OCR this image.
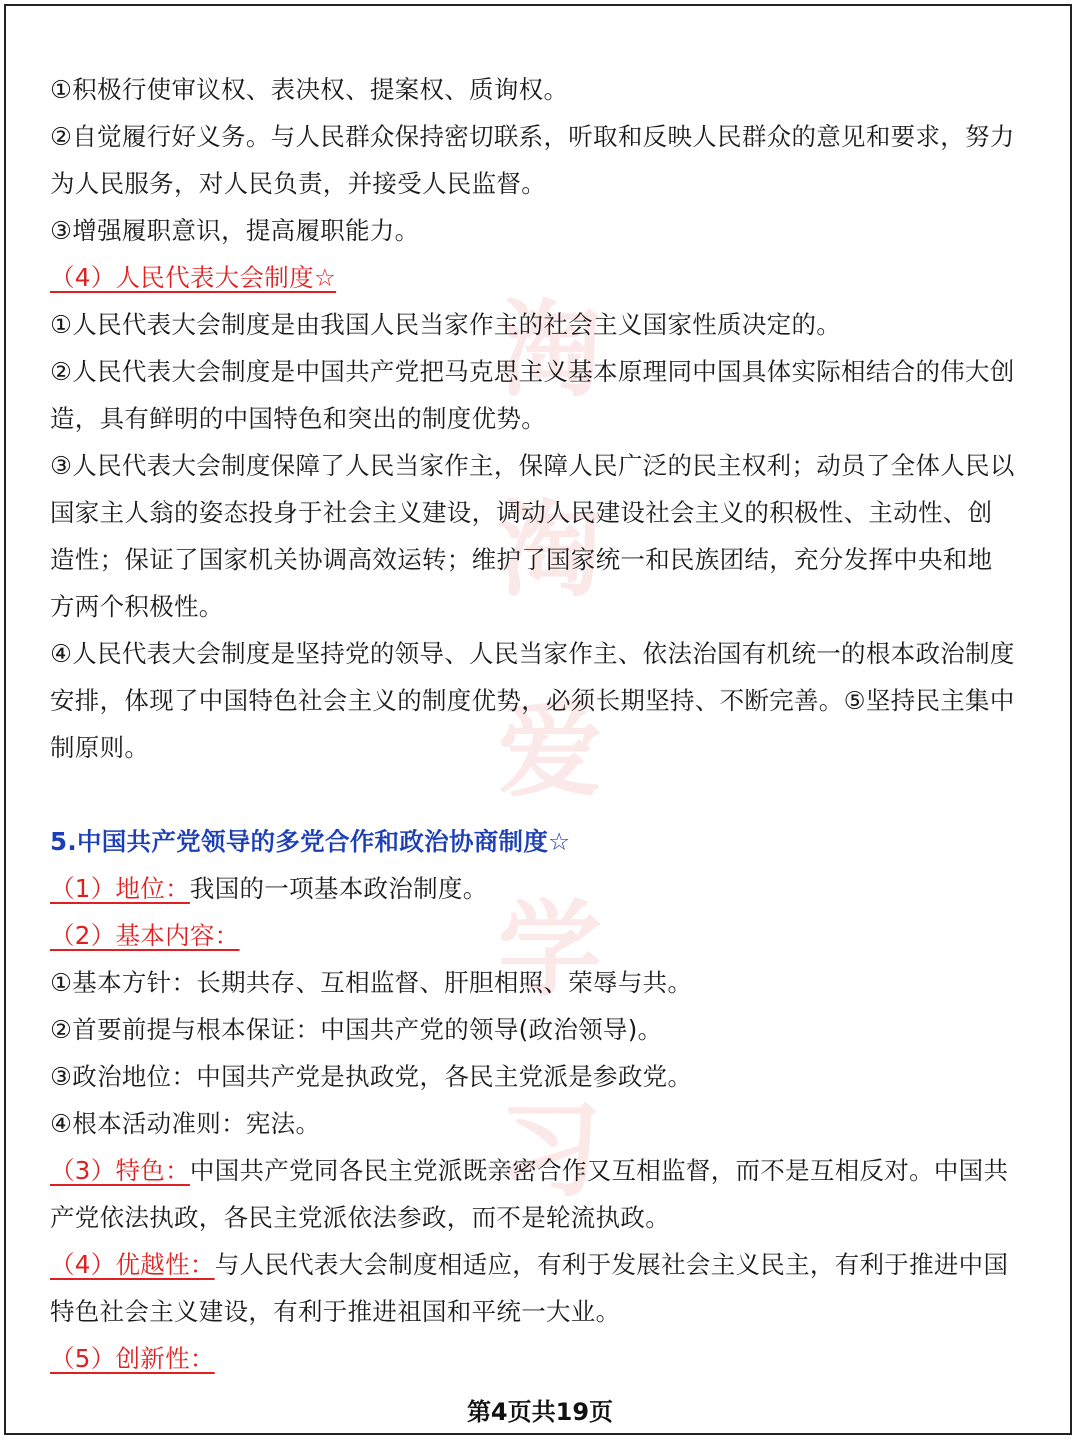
淘
淘
爱
学
习

①积极行使审议权、表决权、提案权、质询权。

②自觉履行好义务。与人民群众保持密切联系，听取和反映人民群众的意见和要求，努力为人民服务，对人民负责，并接受人民监督。

③增强履职意识，提高履职能力。

（4）人民代表大会制度☆

①人民代表大会制度是由我国人民当家作主的社会主义国家性质决定的。

②人民代表大会制度是中国共产党把马克思主义基本原理同中国具体实际相结合的伟大创造，具有鲜明的中国特色和突出的制度优势。

③人民代表大会制度保障了人民当家作主，保障人民广泛的民主权利；动员了全体人民以国家主人翁的姿态投身于社会主义建设，调动人民建设社会主义的积极性、主动性、创造性；保证了国家机关协调高效运转；维护了国家统一和民族团结，充分发挥中央和地方两个积极性。

④人民代表大会制度是坚持党的领导、人民当家作主、依法治国有机统一的根本政治制度安排，体现了中国特色社会主义的制度优势，必须长期坚持、不断完善。⑤坚持民主集中制原则。

5.中国共产党领导的多党合作和政治协商制度☆

（1）地位：我国的一项基本政治制度。

（2）基本内容：

①基本方针：长期共存、互相监督、肝胆相照、荣辱与共。

②首要前提与根本保证：中国共产党的领导(政治领导)。

③政治地位：中国共产党是执政党，各民主党派是参政党。

④根本活动准则：宪法。

（3）特色：中国共产党同各民主党派既亲密合作又互相监督，而不是互相反对。中国共产党依法执政，各民主党派依法参政，而不是轮流执政。

（4）优越性：与人民代表大会制度相适应，有利于发展社会主义民主，有利于推进中国特色社会主义建设，有利于推进祖国和平统一大业。

（5）创新性：

第4页共19页
